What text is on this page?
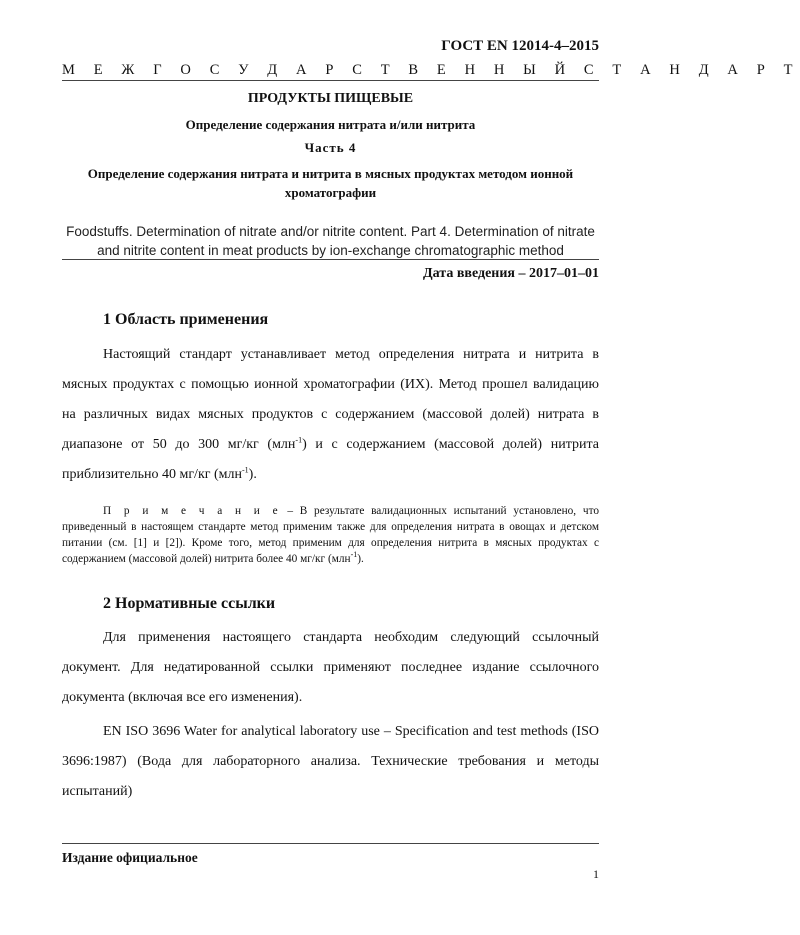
ГОСТ EN 12014-4–2015
М Е Ж Г О С У Д А Р С Т В Е Н Н Ы Й С Т А Н Д А Р Т
ПРОДУКТЫ ПИЩЕВЫЕ
Определение содержания нитрата и/или нитрита
Часть 4
Определение содержания нитрата и нитрита в мясных продуктах методом ионной хроматографии
Foodstuffs. Determination of nitrate and/or nitrite content. Part 4. Determination of nitrate and nitrite content in meat products by ion-exchange chromatographic method
Дата введения – 2017–01–01
1 Область применения
Настоящий стандарт устанавливает метод определения нитрата и нитрита в мясных продуктах с помощью ионной хроматографии (ИХ). Метод прошел валидацию на различных видах мясных продуктов с содержанием (массовой долей) нитрата в диапазоне от 50 до 300 мг/кг (млн$^{-1}$) и с содержанием (массовой долей) нитрита приблизительно 40 мг/кг (млн$^{-1}$).
П р и м е ч а н и е – В результате валидационных испытаний установлено, что приведенный в настоящем стандарте метод применим также для определения нитрата в овощах и детском питании (см. [1] и [2]). Кроме того, метод применим для определения нитрита в мясных продуктах с содержанием (массовой долей) нитрита более 40 мг/кг (млн$^{-1}$).
2 Нормативные ссылки
Для применения настоящего стандарта необходим следующий ссылочный документ. Для недатированной ссылки применяют последнее издание ссылочного документа (включая все его изменения).
EN ISO 3696 Water for analytical laboratory use – Specification and test methods (ISO 3696:1987) (Вода для лабораторного анализа. Технические требования и методы испытаний)
Издание официальное
1
